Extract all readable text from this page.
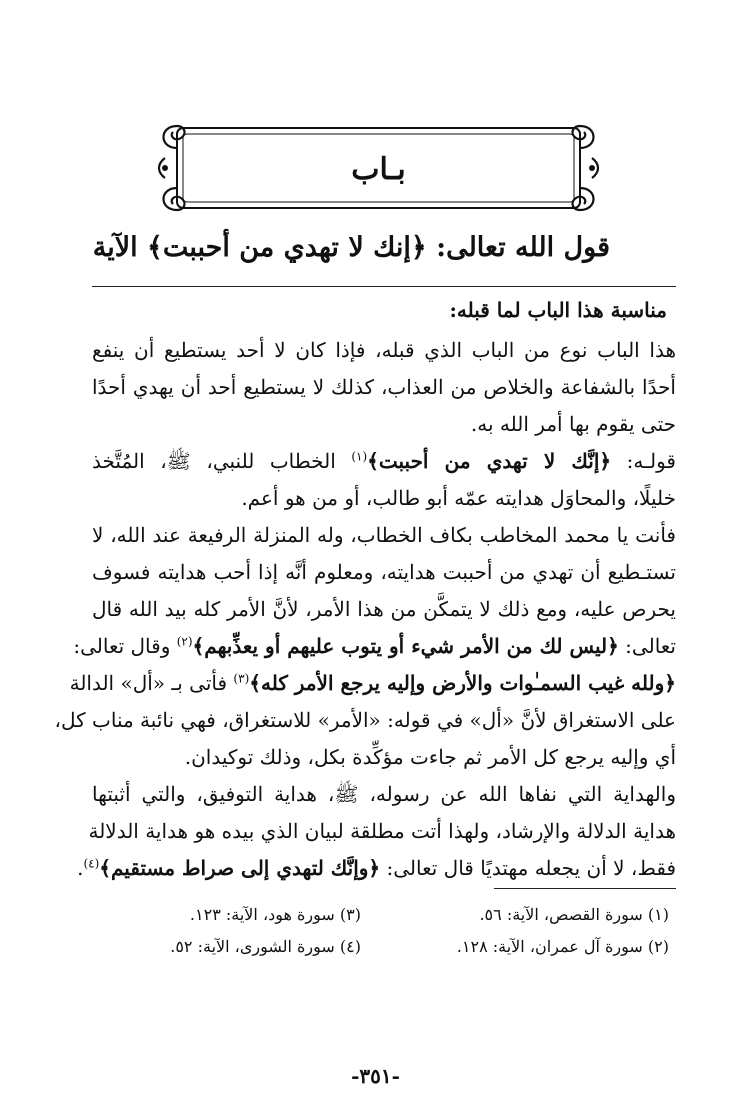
بـاب
قول الله تعالى: ﴿إنك لا تهدي من أحببت﴾ الآية
مناسبة هذا الباب لما قبله:
هذا الباب نوع من الباب الذي قبله، فإذا كان لا أحد يستطيع أن ينفع
أحدًا بالشفاعة والخلاص من العذاب، كذلك لا يستطيع أحد أن يهدي أحدًا
حتى يقوم بها أمر الله به.
قولـه: ﴿إنَّك لا تهدي من أحببت﴾$^{(١)}$ الخطاب للنبي، ﷺ، المُتَّخذ
خليلًا، والمحاوَل هدايته عمّه أبو طالب، أو من هو أعم.
فأنت يا محمد المخاطب بكاف الخطاب، وله المنزلة الرفيعة عند الله، لا
تستـطيع أن تهدي من أحببت هدايته، ومعلوم أنَّه إذا أحب هدايته فسوف
يحرص عليه، ومع ذلك لا يتمكَّن من هذا الأمر، لأنَّ الأمر كله بيد الله قال
تعالى: ﴿ليس لك من الأمر شيء أو يتوب عليهم أو يعذِّبهم﴾$^{(٢)}$ وقال تعالى:
﴿ولله غيب السمـٰوات والأرض وإليه يرجع الأمر كله﴾$^{(٣)}$ فأتى بـ «أل» الدالة
على الاستغراق لأنَّ «أل» في قوله: «الأمر» للاستغراق، فهي نائبة مناب كل،
أي وإليه يرجع كل الأمر ثم جاءت مؤكِّدة بكل، وذلك توكيدان.
والهداية التي نفاها الله عن رسوله، ﷺ، هداية التوفيق، والتي أثبتها
هداية الدلالة والإرشاد، ولهذا أتت مطلقة لبيان الذي بيده هو هداية الدلالة
فقط، لا أن يجعله مهتديًا قال تعالى: ﴿وإنَّك لتهدي إلى صراط مستقيم﴾$^{(٤)}$.
(١) سورة القصص، الآية: ٥٦.
(٢) سورة آل عمران، الآية: ١٢٨.
(٣) سورة هود، الآية: ١٢٣.
(٤) سورة الشورى، الآية: ٥٢.
-٣٥١-
